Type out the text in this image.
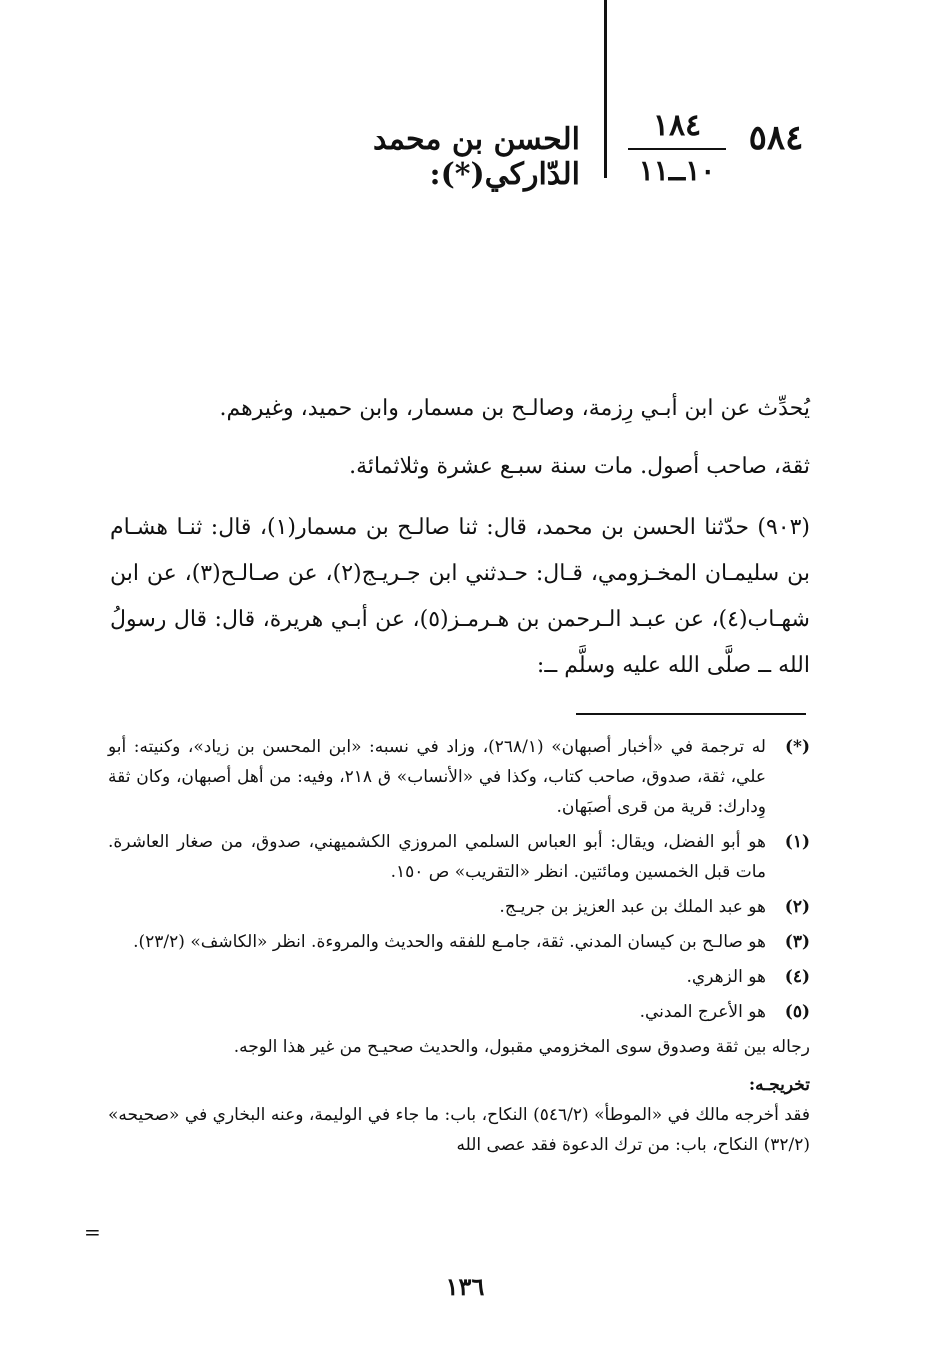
٥٨٤
١٨٤
١٠ــ١١
الحسن بن محمد الدّاركي(*):
يُحدِّث عن ابن أبـي رِزمة، وصالـح بن مسمار، وابن حميد، وغيرهم.
ثقة، صاحب أصول. مات سنة سبـع عشرة وثلاثمائة.
(٩٠٣) حدّثنا الحسن بن محمد، قال: ثنا صالـح بن مسمار(١)، قال: ثنـا هشـام بن سليمـان المخـزومي، قـال: حـدثني ابن جـريـج(٢)، عن صـالـح(٣)، عن ابن شهـاب(٤)، عن عبـد الـرحمن بن هـرمـز(٥)، عن أبـي هريرة، قال: قال رسولُ الله ــ صلَّى الله عليه وسلَّم ــ:
(*)
له ترجمة في «أخبار أصبهان» (٢٦٨/١)، وزاد في نسبه: «ابن المحسن بن زياد»، وكنيته: أبو علي، ثقة، صدوق، صاحب كتاب، وكذا في «الأنساب» ق ٢١٨، وفيه: من أهل أصبهان، وكان ثقة وِدارك: قرية من قرى أصبَهان.
(١)
هو أبو الفضل، ويقال: أبو العباس السلمي المروزي الكشميهني، صدوق، من صغار العاشرة. مات قبل الخمسين ومائتين. انظر «التقريب» ص ١٥٠.
(٢)
هو عبد الملك بن عبد العزيز بن جريـج.
(٣)
هو صالـح بن كيسان المدني. ثقة، جامـع للفقه والحديث والمروءة. انظر «الكاشف» (٢٣/٢).
(٤)
هو الزهري.
(٥)
هو الأعرج المدني.
رجاله بين ثقة وصدوق سوى المخزومي مقبول، والحديث صحيـح من غير هذا الوجه.
تخريجـه:
فقد أخرجه مالك في «الموطأ» (٥٤٦/٢) النكاح، باب: ما جاء في الوليمة، وعنه البخاري في «صحيحه» (٣٢/٢) النكاح، باب: من ترك الدعوة فقد عصى الله
=
١٣٦
